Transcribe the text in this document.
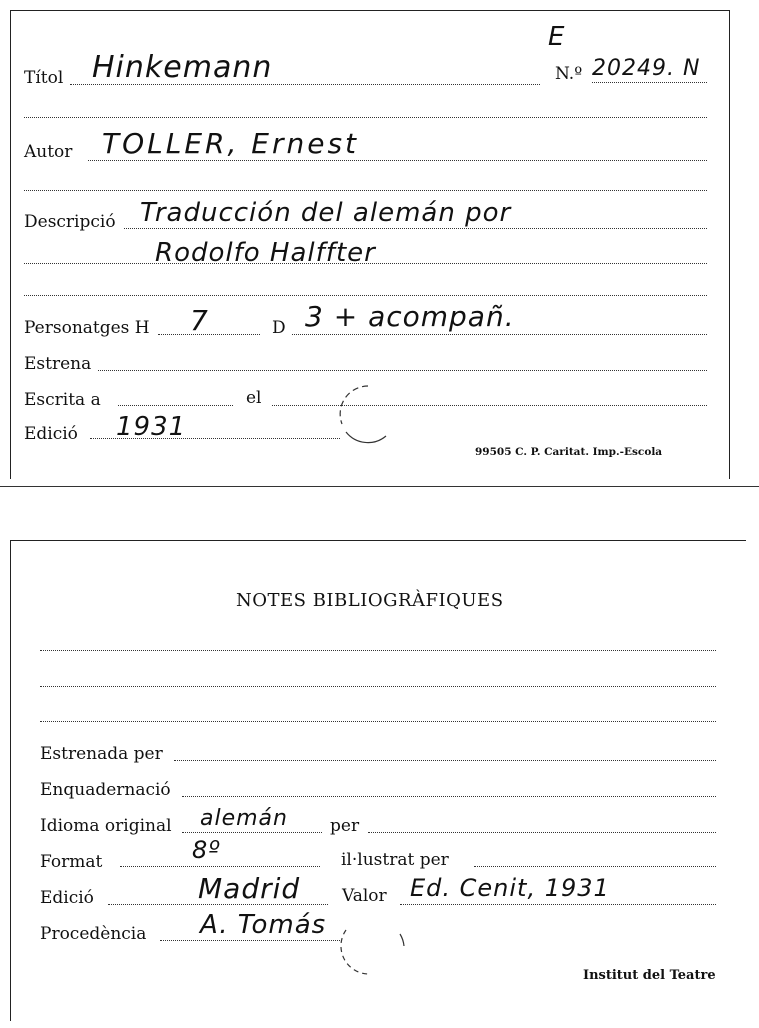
E
Títol Hinkemann	N.º 20249. N
Autor TOLLER, Ernest
Descripció Traducción del alemán por
Rodolfo Halffter
Personatges H 7	D 3 + acompañ.
Estrena
Escrita a	el
Edició 1931
99505 C. P. Caritat. Imp.-Escola
NOTES BIBLIOGRÀFIQUES
Estrenada per
Enquadernació
Idioma original alemán per
Format	8º	il·lustrat per
Edició	Madrid Valor Ed. Cenit, 1931
Procedència A. Tomás
Institut del Teatre
